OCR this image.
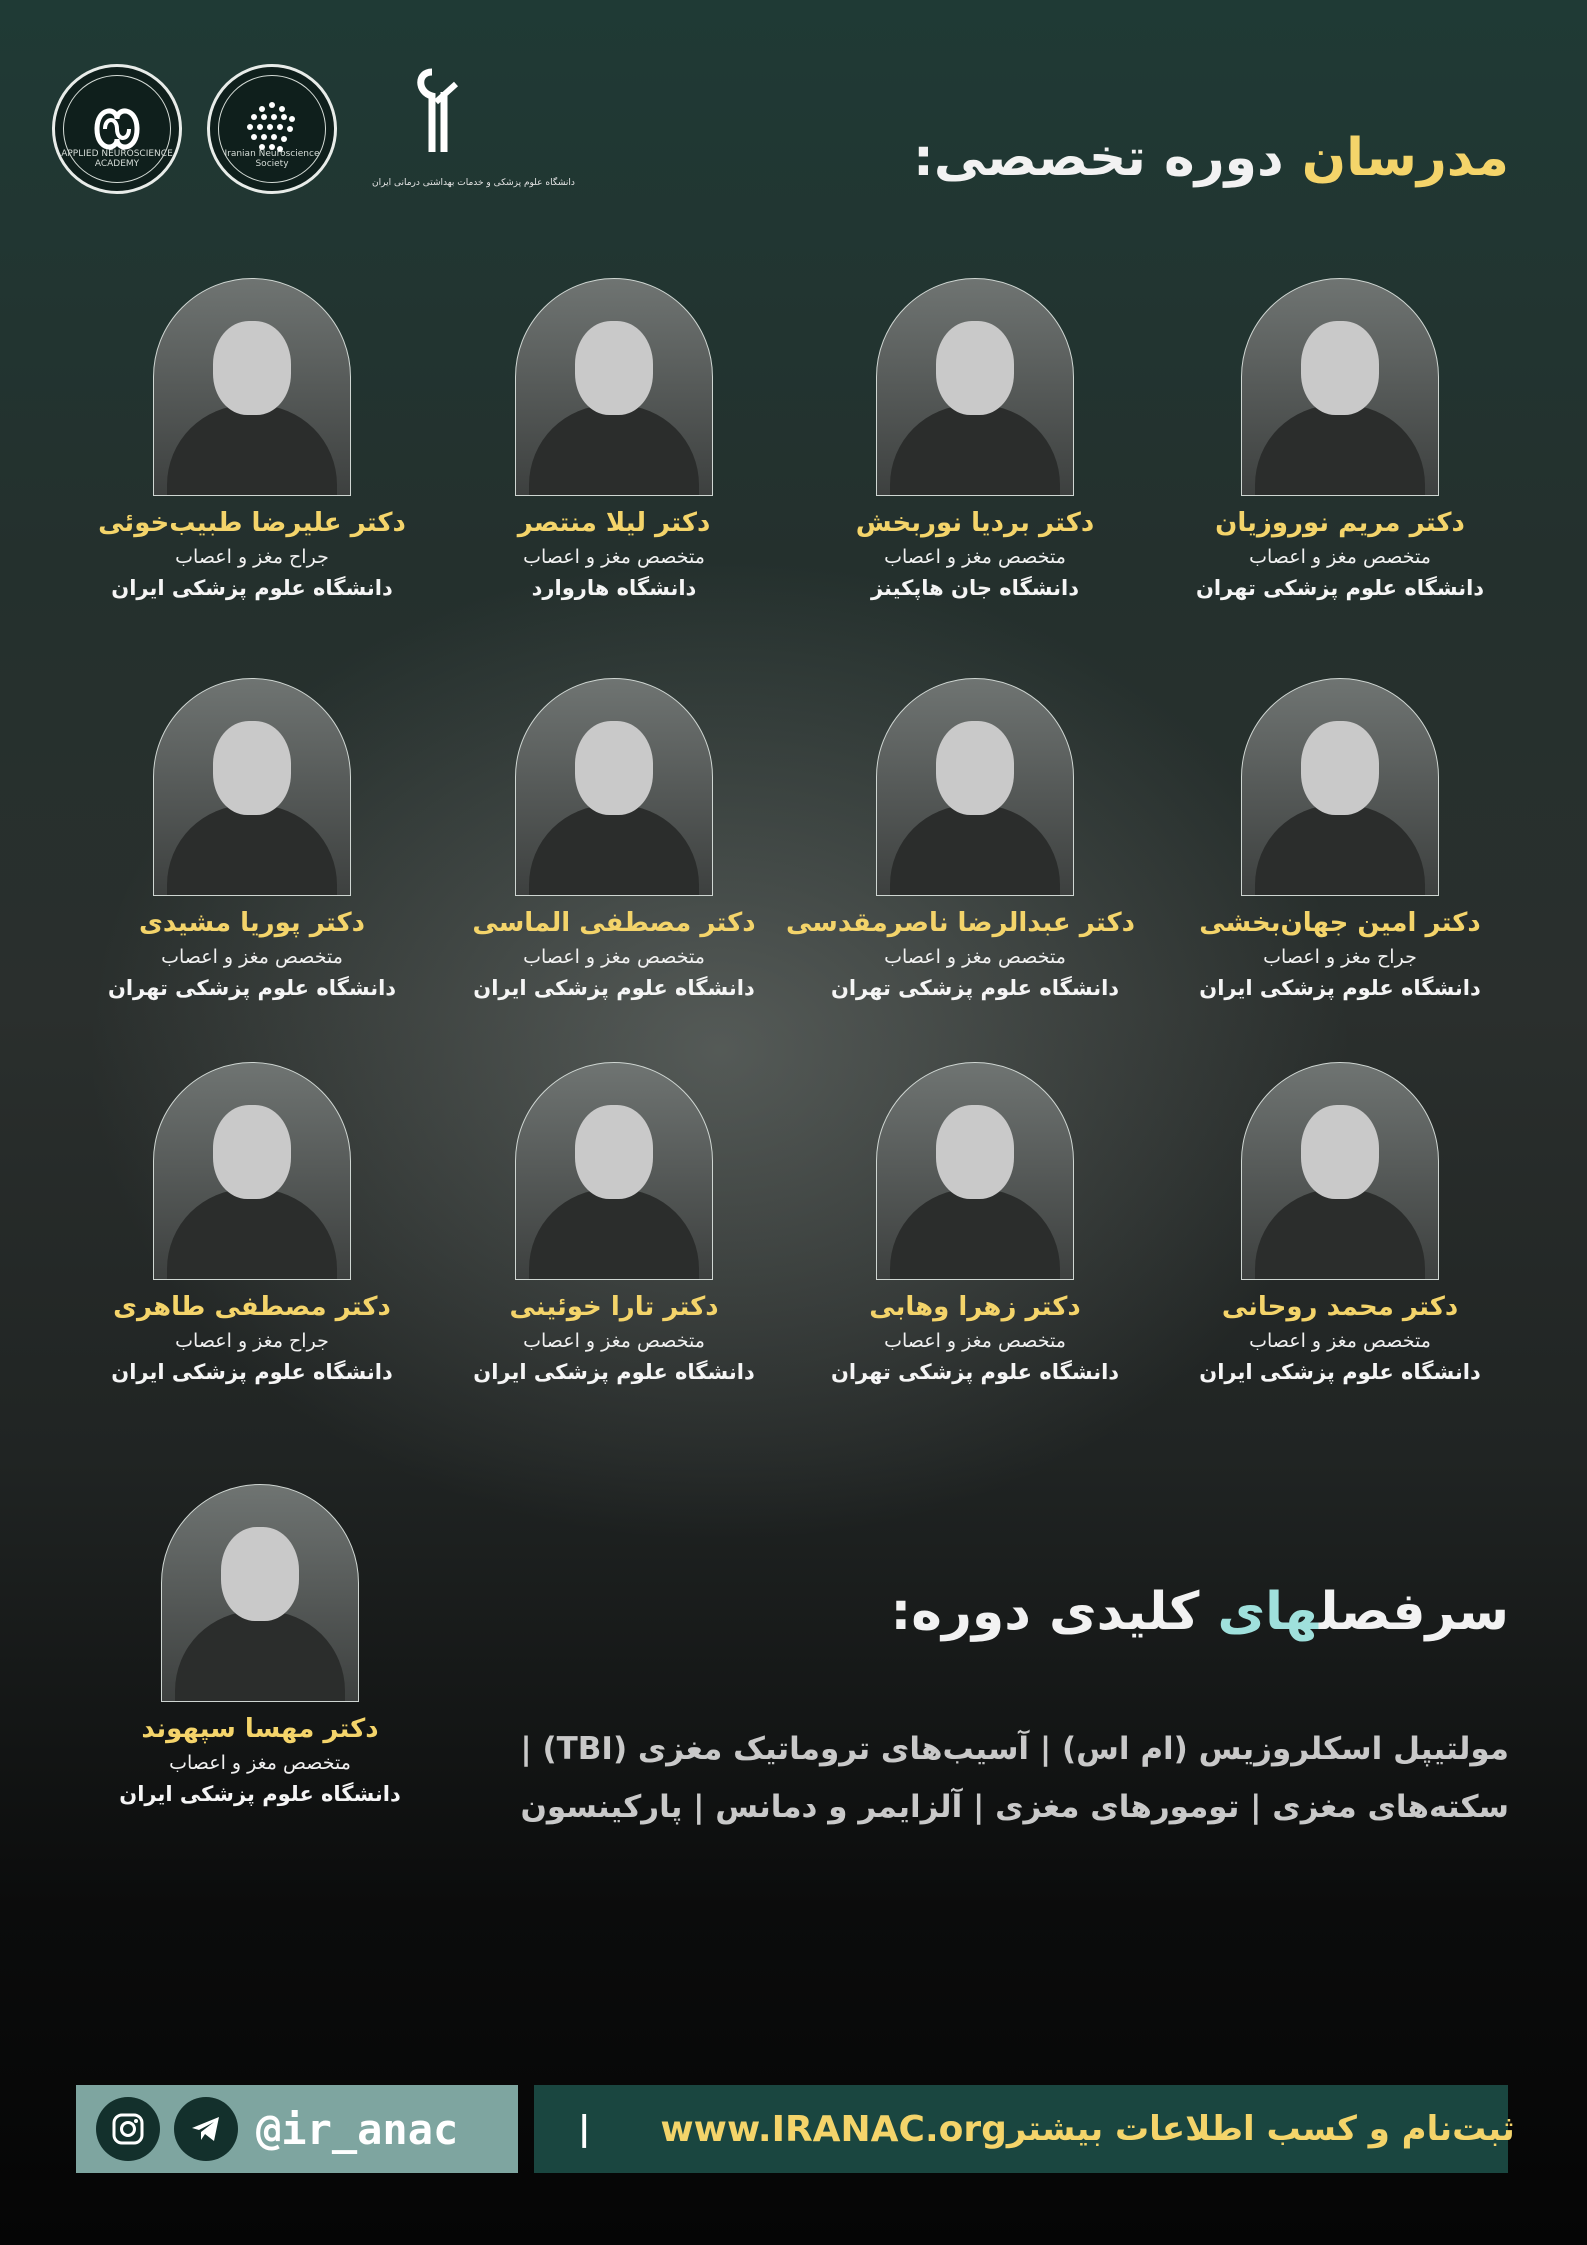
APPLIED NEUROSCIENCE ACADEMY
Iranian Neuroscience Society
دانشگاه علوم پزشکی و خدمات بهداشتی درمانی ایران	مدرسان دوره تخصصی:
دکتر مریم نوروزیان
متخصص مغز و اعصاب
دانشگاه علوم پزشکی تهران
دکتر بردیا نوربخش
متخصص مغز و اعصاب
دانشگاه جان هاپکینز
دکتر لیلا منتصر
متخصص مغز و اعصاب
دانشگاه هاروارد
دکتر علیرضا طبیب‌خوئی
جراح مغز و اعصاب
دانشگاه علوم پزشکی ایران
دکتر امین جهان‌بخشی
جراح مغز و اعصاب
دانشگاه علوم پزشکی ایران
دکتر عبدالرضا ناصرمقدسی
متخصص مغز و اعصاب
دانشگاه علوم پزشکی تهران
دکتر مصطفی الماسی
متخصص مغز و اعصاب
دانشگاه علوم پزشکی ایران
دکتر پوریا مشیدی
متخصص مغز و اعصاب
دانشگاه علوم پزشکی تهران
دکتر محمد روحانی
متخصص مغز و اعصاب
دانشگاه علوم پزشکی ایران
دکتر زهرا وهابی
متخصص مغز و اعصاب
دانشگاه علوم پزشکی تهران
دکتر تارا خوئینی
متخصص مغز و اعصاب
دانشگاه علوم پزشکی ایران
دکتر مصطفی طاهری
جراح مغز و اعصاب
دانشگاه علوم پزشکی ایران
دکتر مهسا سپهوند
متخصص مغز و اعصاب
دانشگاه علوم پزشکی ایران
سرفصلهای کلیدی دوره:
مولتیپل اسکلروزیس (ام اس) | آسیب‌های تروماتیک مغزی (TBI) |
سکته‌های مغزی | تومورهای مغزی | آلزایمر و دمانس | پارکینسون
@ir_anac	| www.IRANAC.org ثبت‌نام و کسب اطلاعات بیشتر
